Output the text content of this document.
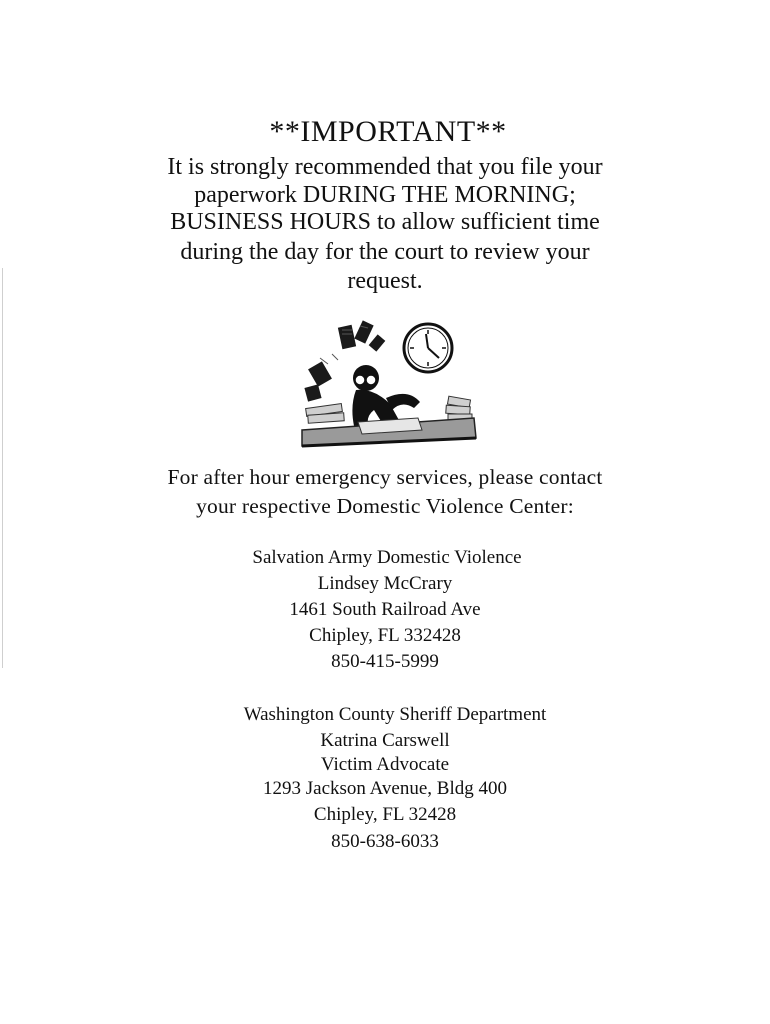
**IMPORTANT**
It is strongly recommended that you file your
paperwork DURING THE MORNING;
BUSINESS HOURS to allow sufficient time
during the day for the court to review your
request.
For after hour emergency services, please contact
your respective Domestic Violence Center:
Salvation Army Domestic Violence
Lindsey McCrary
1461 South Railroad Ave
Chipley, FL 332428
850-415-5999
Washington County Sheriff Department
Katrina Carswell
Victim Advocate
1293 Jackson Avenue, Bldg 400
Chipley, FL 32428
850-638-6033
